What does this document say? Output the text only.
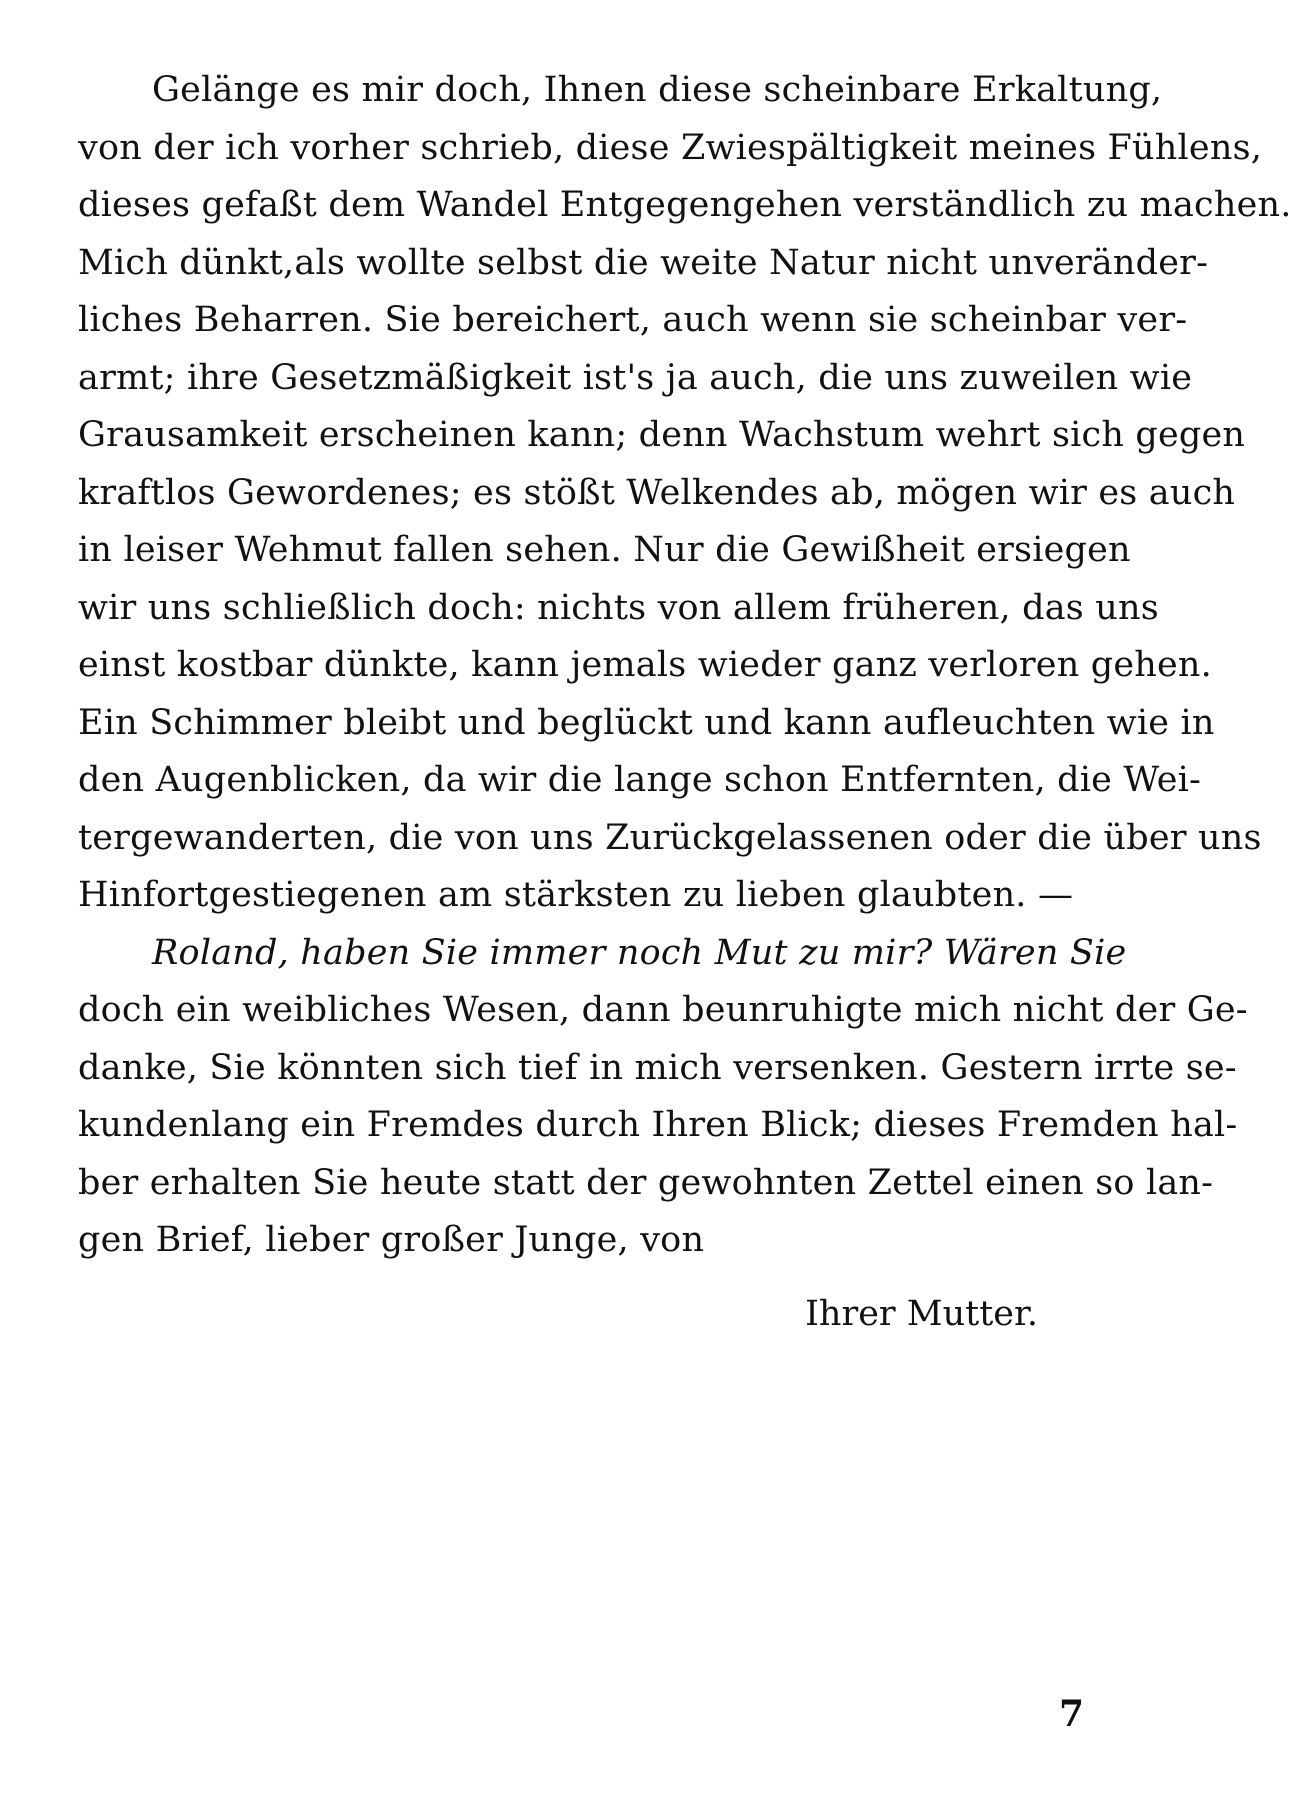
Gelänge es mir doch, Ihnen diese scheinbare Erkaltung,
von der ich vorher schrieb, diese Zwiespältigkeit meines Fühlens,
dieses gefaßt dem Wandel Entgegengehen verständlich zu machen.
Mich dünkt,als wollte selbst die weite Natur nicht unveränder-
liches Beharren. Sie bereichert, auch wenn sie scheinbar ver-
armt; ihre Gesetzmäßigkeit ist's ja auch, die uns zuweilen wie
Grausamkeit erscheinen kann; denn Wachstum wehrt sich gegen
kraftlos Gewordenes; es stößt Welkendes ab, mögen wir es auch
in leiser Wehmut fallen sehen. Nur die Gewißheit ersiegen
wir uns schließlich doch: nichts von allem früheren, das uns
einst kostbar dünkte, kann jemals wieder ganz verloren gehen.
Ein Schimmer bleibt und beglückt und kann aufleuchten wie in
den Augenblicken, da wir die lange schon Entfernten, die Wei-
tergewanderten, die von uns Zurückgelassenen oder die über uns
Hinfortgestiegenen am stärksten zu lieben glaubten. —
Roland, haben Sie immer noch Mut zu mir? Wären Sie
doch ein weibliches Wesen, dann beunruhigte mich nicht der Ge-
danke, Sie könnten sich tief in mich versenken. Gestern irrte se-
kundenlang ein Fremdes durch Ihren Blick; dieses Fremden hal-
ber erhalten Sie heute statt der gewohnten Zettel einen so lan-
gen Brief, lieber großer Junge, von
Ihrer Mutter.
7
